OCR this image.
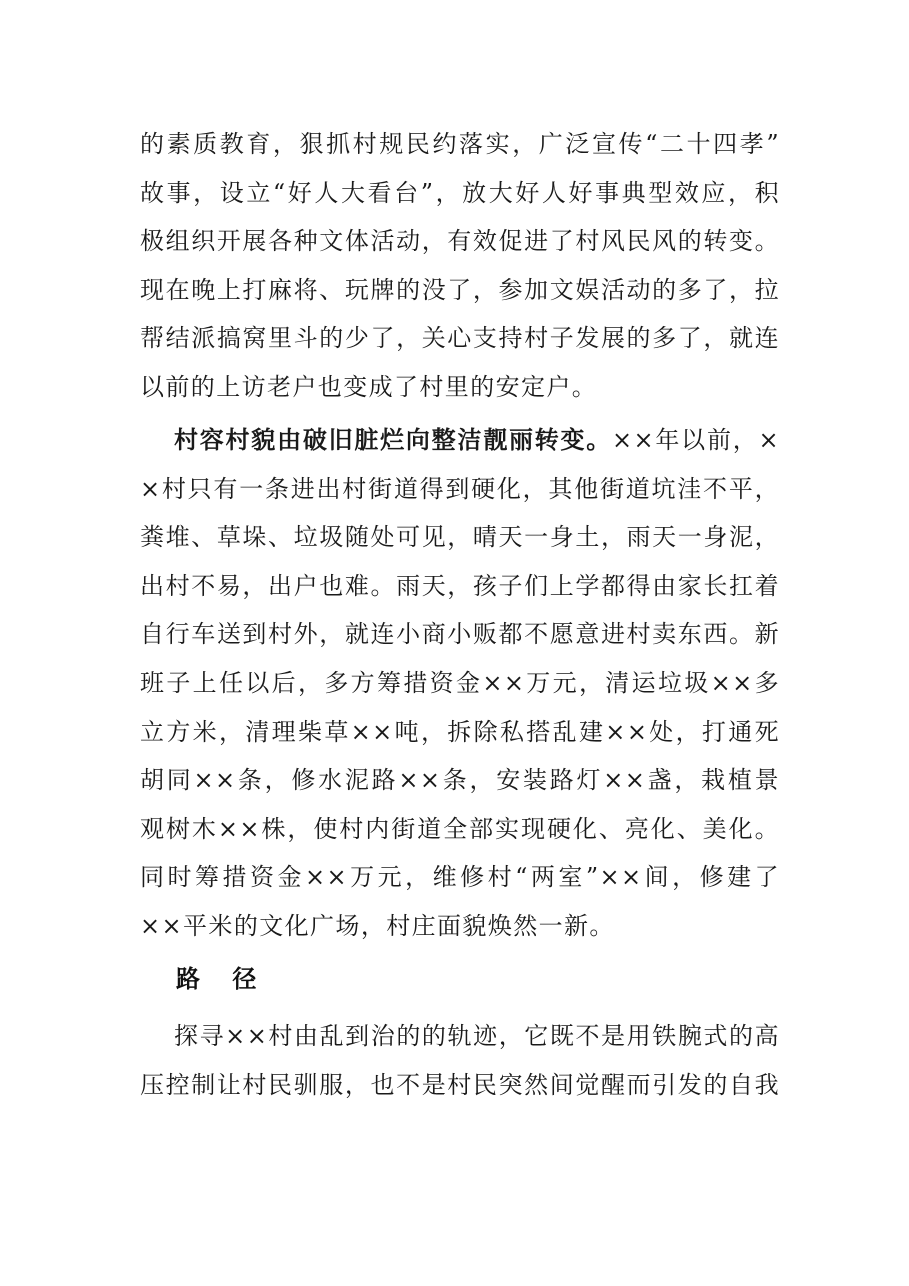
的素质教育，狠抓村规民约落实，广泛宣传“二十四孝”
故事，设立“好人大看台”，放大好人好事典型效应，积
极组织开展各种文体活动，有效促进了村风民风的转变。
现在晚上打麻将、玩牌的没了，参加文娱活动的多了，拉
帮结派搞窝里斗的少了，关心支持村子发展的多了，就连
以前的上访老户也变成了村里的安定户。
村容村貌由破旧脏烂向整洁靓丽转变。××年以前，×
×村只有一条进出村街道得到硬化，其他街道坑洼不平，
粪堆、草垛、垃圾随处可见，晴天一身土，雨天一身泥，
出村不易，出户也难。雨天，孩子们上学都得由家长扛着
自行车送到村外，就连小商小贩都不愿意进村卖东西。新
班子上任以后，多方筹措资金××万元，清运垃圾××多
立方米，清理柴草××吨，拆除私搭乱建××处，打通死
胡同××条，修水泥路××条，安装路灯××盏，栽植景
观树木××株，使村内街道全部实现硬化、亮化、美化。
同时筹措资金××万元，维修村“两室”××间，修建了
××平米的文化广场，村庄面貌焕然一新。
路 径
探寻××村由乱到治的的轨迹，它既不是用铁腕式的高
压控制让村民驯服，也不是村民突然间觉醒而引发的自我
